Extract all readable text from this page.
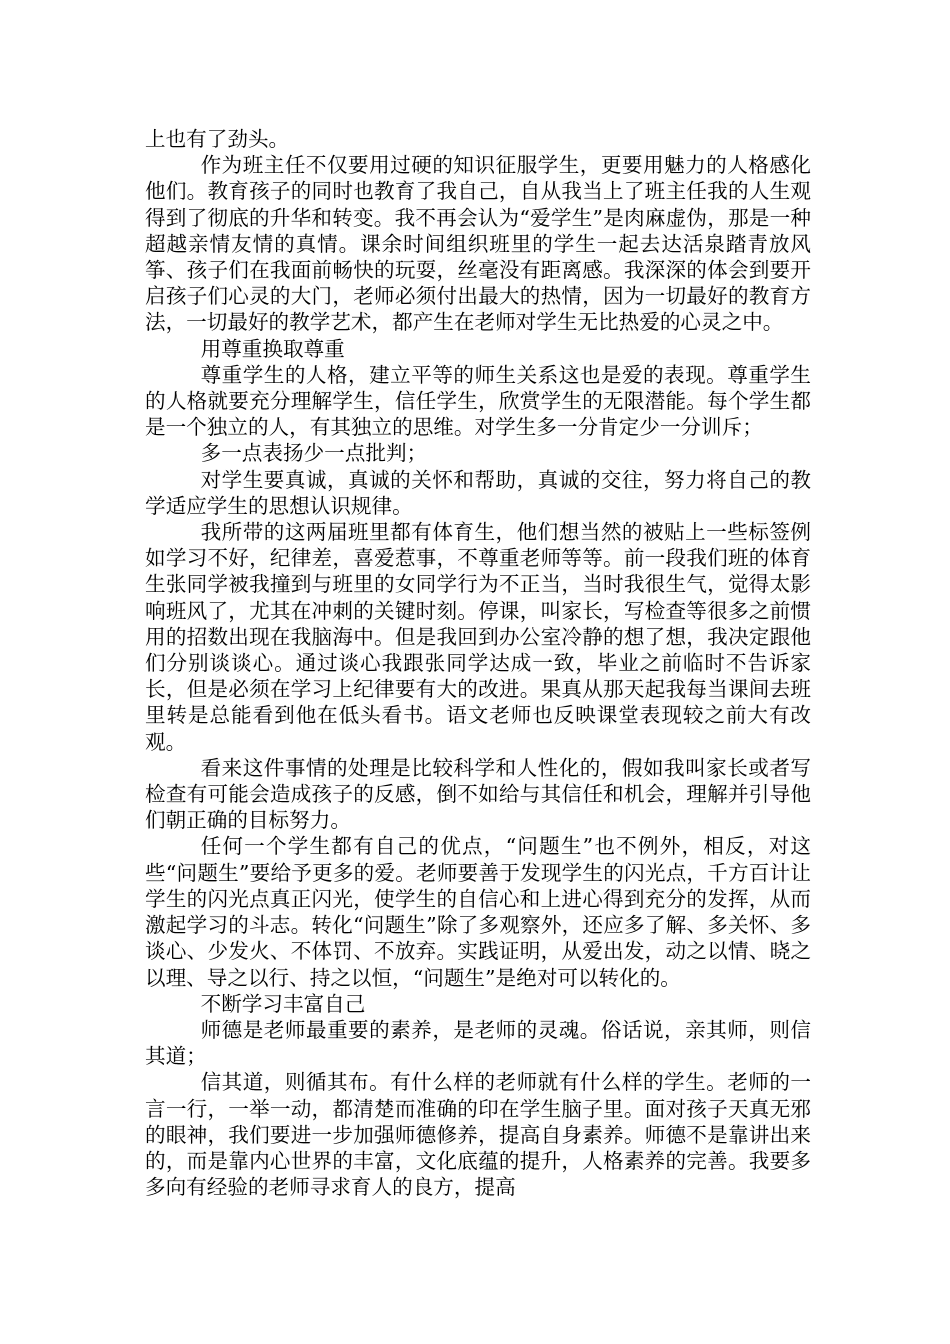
上也有了劲头。

作为班主任不仅要用过硬的知识征服学生，更要用魅力的人格感化他们。教育孩子的同时也教育了我自己，自从我当上了班主任我的人生观得到了彻底的升华和转变。我不再会认为“爱学生”是肉麻虚伪，那是一种超越亲情友情的真情。课余时间组织班里的学生一起去达活泉踏青放风筝、孩子们在我面前畅快的玩耍，丝毫没有距离感。我深深的体会到要开启孩子们心灵的大门，老师必须付出最大的热情，因为一切最好的教育方法，一切最好的教学艺术，都产生在老师对学生无比热爱的心灵之中。

用尊重换取尊重

尊重学生的人格，建立平等的师生关系这也是爱的表现。尊重学生的人格就要充分理解学生，信任学生，欣赏学生的无限潜能。每个学生都是一个独立的人，有其独立的思维。对学生多一分肯定少一分训斥；

多一点表扬少一点批判；

对学生要真诚，真诚的关怀和帮助，真诚的交往，努力将自己的教学适应学生的思想认识规律。

我所带的这两届班里都有体育生，他们想当然的被贴上一些标签例如学习不好，纪律差，喜爱惹事，不尊重老师等等。前一段我们班的体育生张同学被我撞到与班里的女同学行为不正当，当时我很生气，觉得太影响班风了，尤其在冲刺的关键时刻。停课，叫家长，写检查等很多之前惯用的招数出现在我脑海中。但是我回到办公室冷静的想了想，我决定跟他们分别谈谈心。通过谈心我跟张同学达成一致，毕业之前临时不告诉家长，但是必须在学习上纪律要有大的改进。果真从那天起我每当课间去班里转是总能看到他在低头看书。语文老师也反映课堂表现较之前大有改观。

看来这件事情的处理是比较科学和人性化的，假如我叫家长或者写检查有可能会造成孩子的反感，倒不如给与其信任和机会，理解并引导他们朝正确的目标努力。

任何一个学生都有自己的优点，“问题生”也不例外，相反，对这些“问题生”要给予更多的爱。老师要善于发现学生的闪光点，千方百计让学生的闪光点真正闪光，使学生的自信心和上进心得到充分的发挥，从而激起学习的斗志。转化“问题生”除了多观察外，还应多了解、多关怀、多谈心、少发火、不体罚、不放弃。实践证明，从爱出发，动之以情、晓之以理、导之以行、持之以恒，“问题生”是绝对可以转化的。

不断学习丰富自己

师德是老师最重要的素养，是老师的灵魂。俗话说，亲其师，则信其道；

信其道，则循其布。有什么样的老师就有什么样的学生。老师的一言一行，一举一动，都清楚而准确的印在学生脑子里。面对孩子天真无邪的眼神，我们要进一步加强师德修养，提高自身素养。师德不是靠讲出来的，而是靠内心世界的丰富，文化底蕴的提升，人格素养的完善。我要多多向有经验的老师寻求育人的良方，提高
